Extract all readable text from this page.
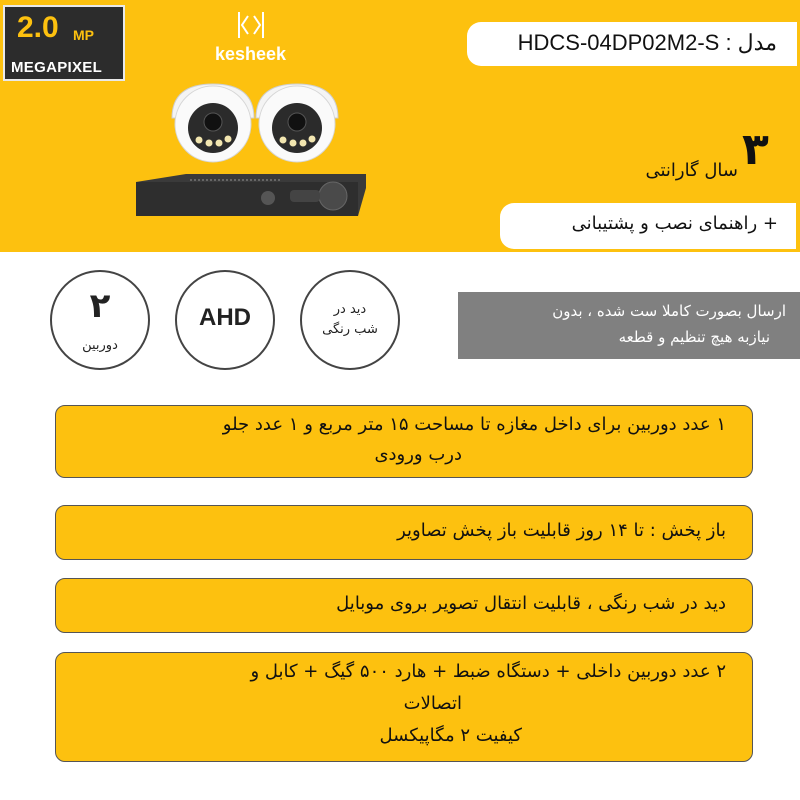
2.0 MP
MEGAPIXEL
kesheek	مدل : HDCS-04DP02M2-S
۳
سال گارانتی
+ راهنمای نصب و پشتیبانی
۲
دوربین
AHD	دید در
شب رنگی
ارسال بصورت کاملا ست شده ، بدون
نیازبه هیچ تنظیم و قطعه
۱ عدد دوربین برای داخل مغازه تا مساحت ۱۵ متر مربع و ۱ عدد جلو
درب ورودی
باز پخش : تا ۱۴ روز قابلیت باز پخش تصاویر
دید در شب رنگی ، قابلیت انتقال تصویر بروی موبایل
۲ عدد دوربین داخلی + دستگاه ضبط + هارد ۵۰۰ گیگ + کابل و
اتصالات
کیفیت ۲ مگاپیکسل
